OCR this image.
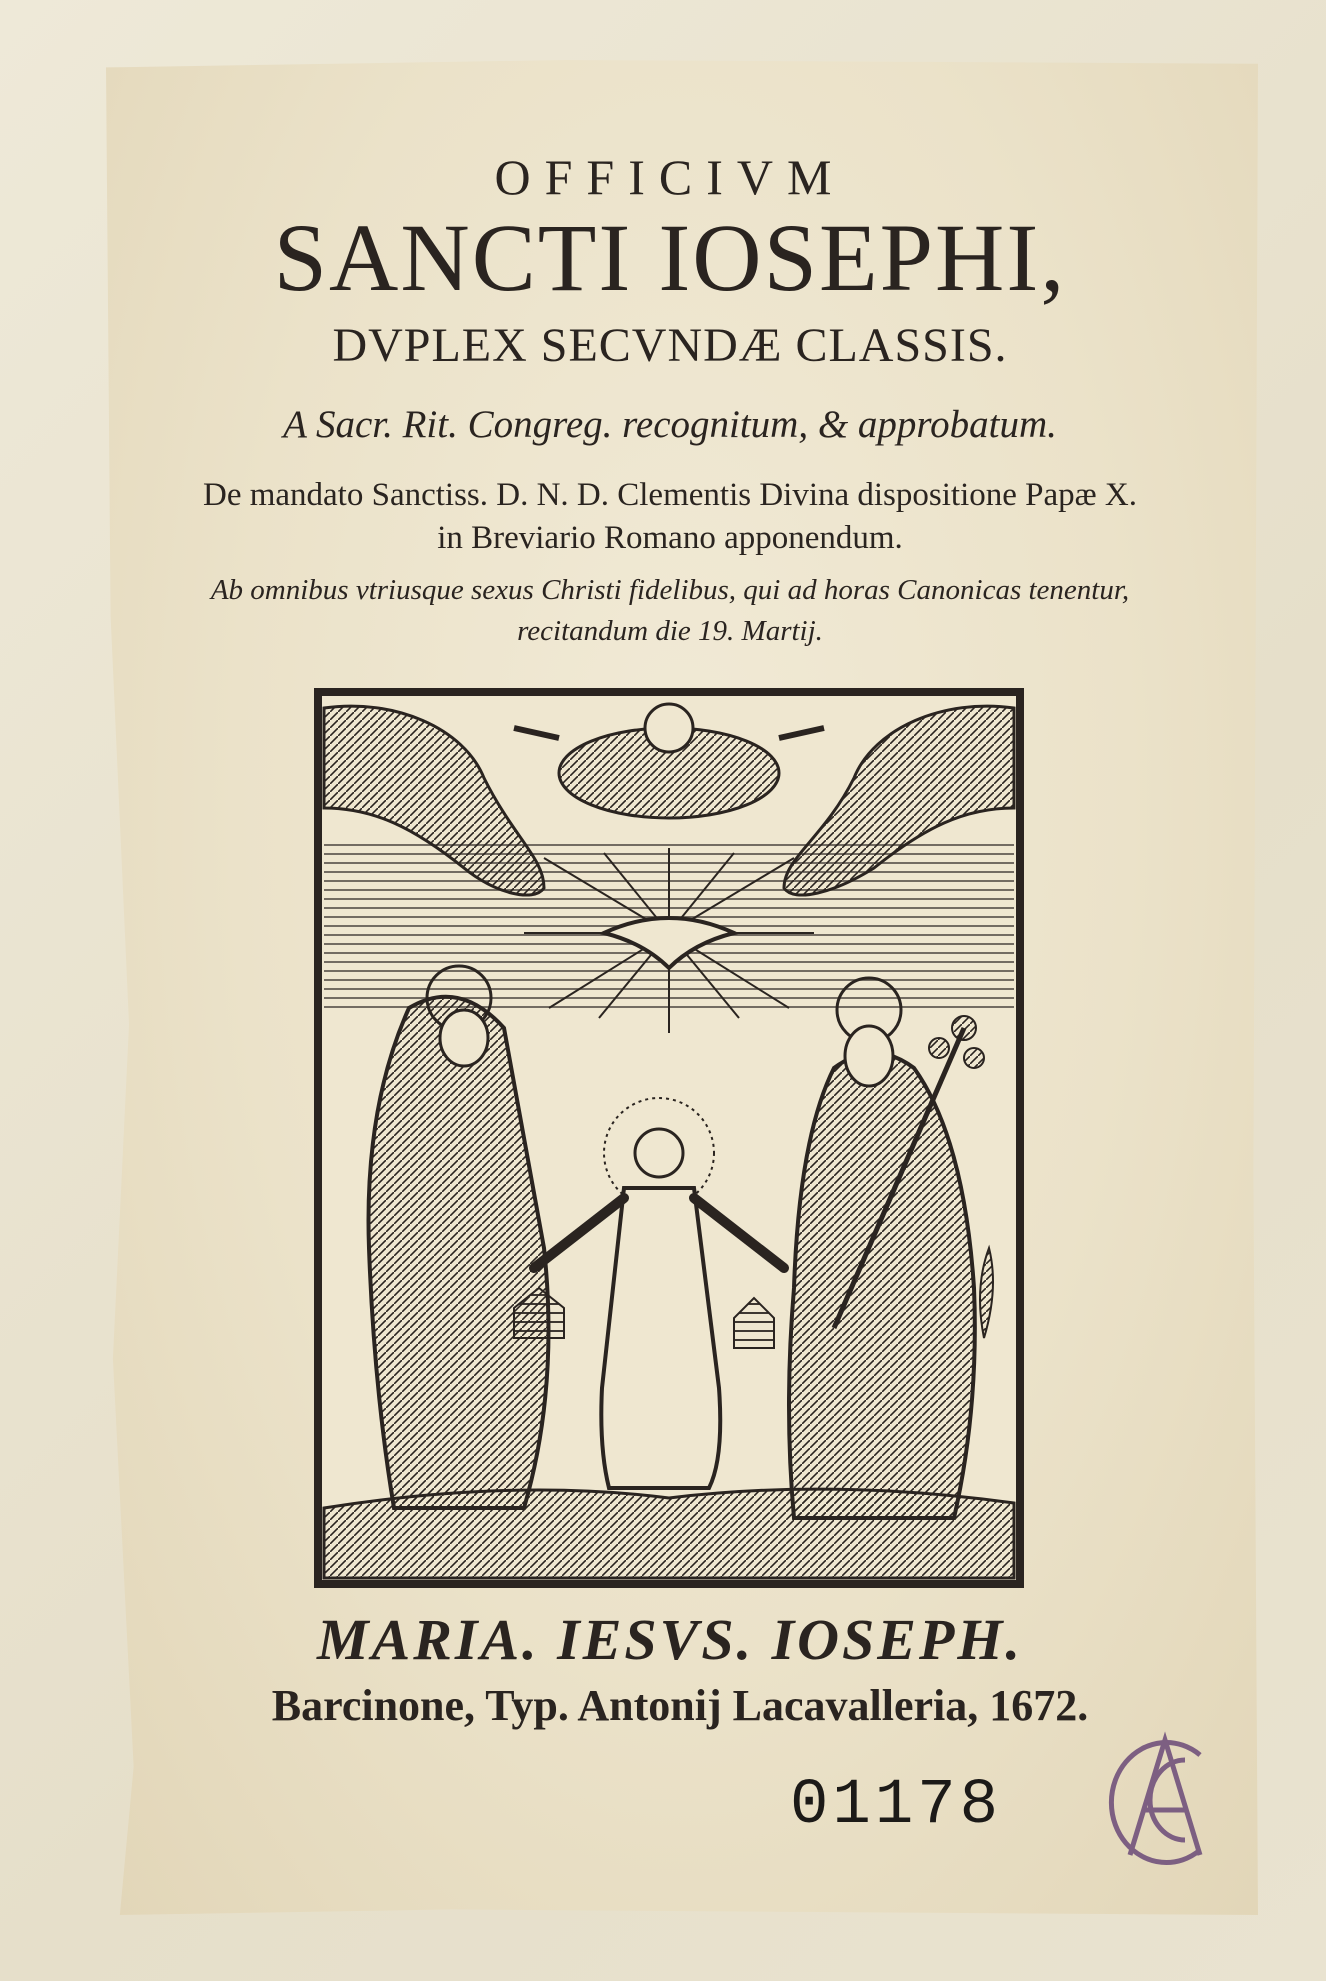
OFFICIVM

SANCTI IOSEPHI,

DVPLEX SECVNDÆ CLASSIS.

A Sacr. Rit. Congreg. recognitum, & approbatum.

De mandato Sanctiss. D. N. D. Clementis Divina dispositione Papæ X. in Breviario Romano apponendum.

Ab omnibus vtriusque sexus Christi fidelibus, qui ad horas Canonicas tenentur, recitandum die 19. Martij.

MARIA. IESVS. IOSEPH.

Barcinone, Typ. Antonij Lacavalleria, 1672.

01178
